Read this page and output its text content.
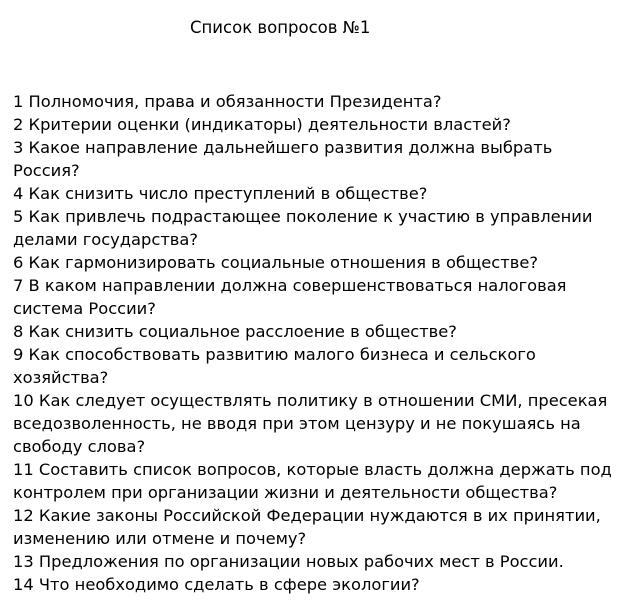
Список вопросов №1
1 Полномочия, права и обязанности Президента?
2 Критерии оценки (индикаторы) деятельности властей?
3 Какое направление дальнейшего развития должна выбрать
Россия?
4 Как снизить число преступлений в обществе?
5 Как привлечь подрастающее поколение к участию в управлении
делами государства?
6 Как гармонизировать социальные отношения в обществе?
7 В каком направлении должна совершенствоваться налоговая
система России?
8 Как снизить социальное расслоение в обществе?
9 Как способствовать развитию малого бизнеса и сельского
хозяйства?
10 Как следует осуществлять политику в отношении СМИ, пресекая
вседозволенность, не вводя при этом цензуру и не покушаясь на
свободу слова?
11 Составить список вопросов, которые власть должна держать под
контролем при организации жизни и деятельности общества?
12 Какие законы Российской Федерации нуждаются в их принятии,
изменению или отмене и почему?
13 Предложения по организации новых рабочих мест в России.
14 Что необходимо сделать в сфере экологии?
